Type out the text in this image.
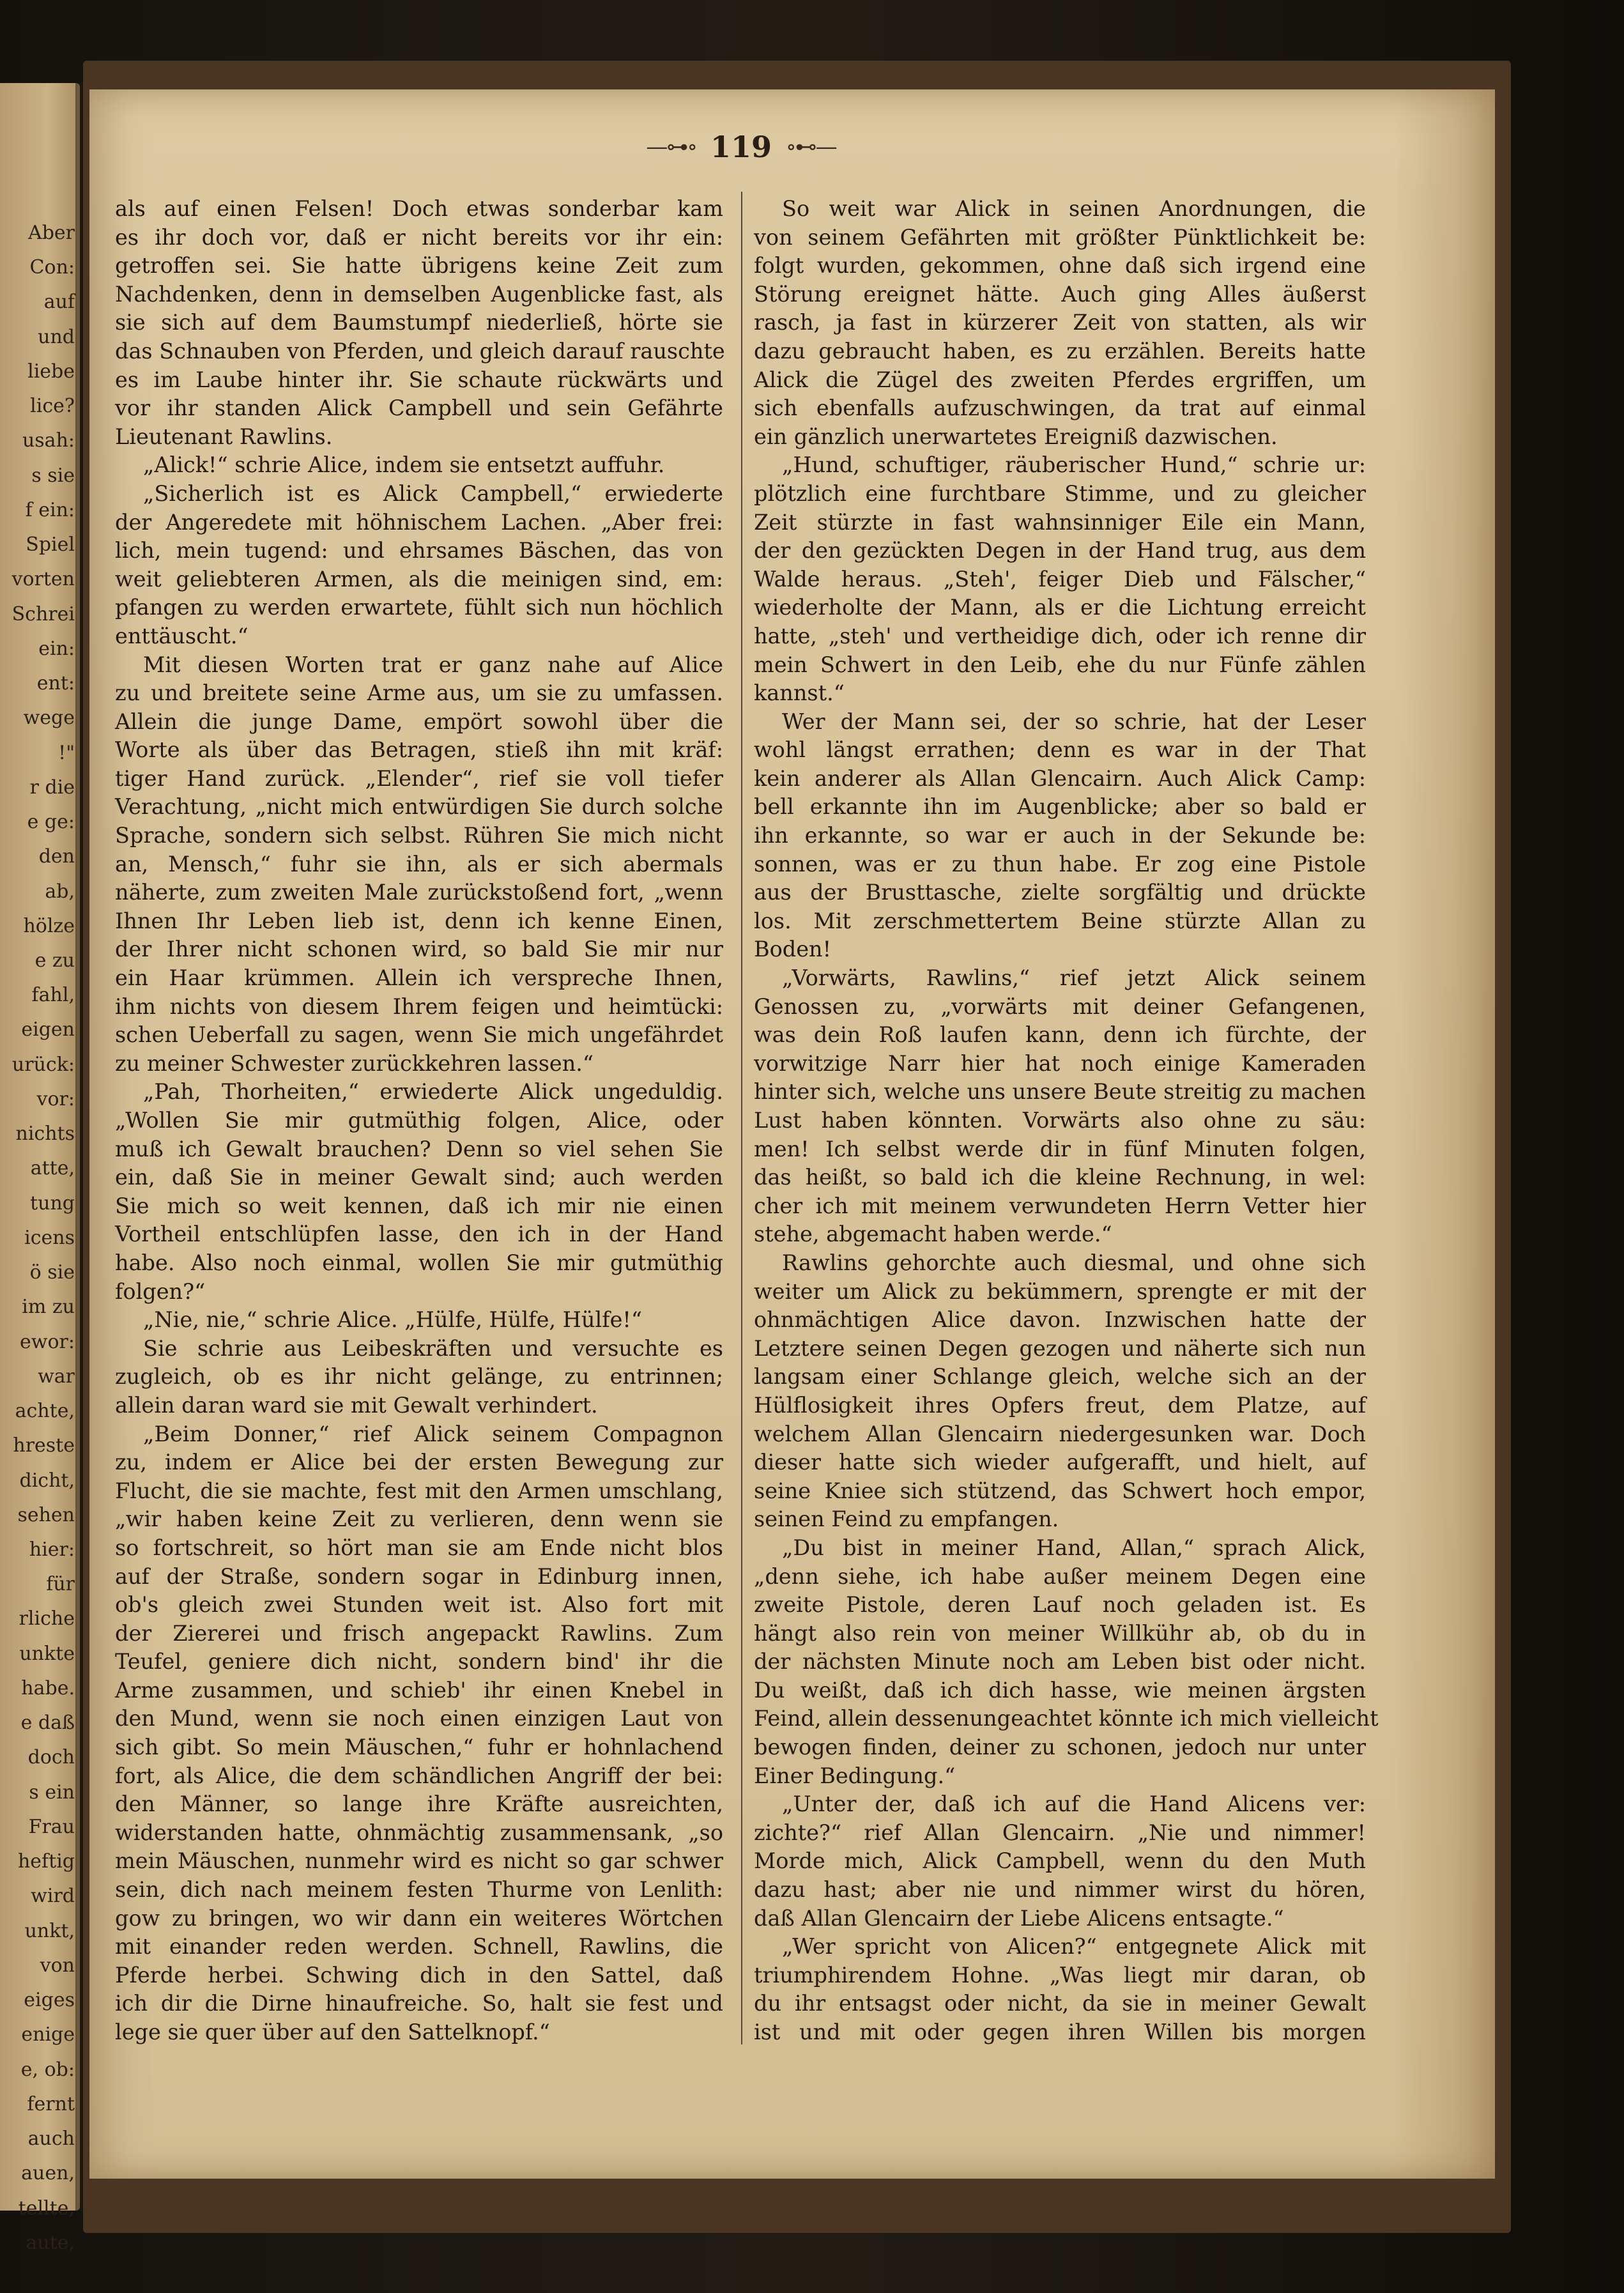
Aber
Con:
auf
und
liebe
lice?
usah:
s sie
f ein:
Spiel
vorten
Schrei
ein:
ent:
wege
!"
r die
e ge:
den
ab,
hölze
e zu
fahl,
eigen
urück:
vor:
nichts
atte,
tung
icens
ö sie
im zu
ewor:
war
achte,
hreste
dicht,
sehen
hier:
für
rliche
unkte
habe.
e daß
doch
s ein
Frau
heftig
wird
unkt,
von
eiges
enige
e, ob:
fernt
auch
auen,
tellte,
aute,
—⊶∘ 119 ∘⊷—
als auf einen Felsen! Doch etwas sonderbar kam
es ihr doch vor, daß er nicht bereits vor ihr ein:
getroffen sei. Sie hatte übrigens keine Zeit zum
Nachdenken, denn in demselben Augenblicke fast, als
sie sich auf dem Baumstumpf niederließ, hörte sie
das Schnauben von Pferden, und gleich darauf rauschte
es im Laube hinter ihr. Sie schaute rückwärts und
vor ihr standen Alick Campbell und sein Gefährte
Lieutenant Rawlins.
„Alick!“ schrie Alice, indem sie entsetzt auffuhr.
„Sicherlich ist es Alick Campbell,“ erwiederte
der Angeredete mit höhnischem Lachen. „Aber frei:
lich, mein tugend: und ehrsames Bäschen, das von
weit geliebteren Armen, als die meinigen sind, em:
pfangen zu werden erwartete, fühlt sich nun höchlich
enttäuscht.“
Mit diesen Worten trat er ganz nahe auf Alice
zu und breitete seine Arme aus, um sie zu umfassen.
Allein die junge Dame, empört sowohl über die
Worte als über das Betragen, stieß ihn mit kräf:
tiger Hand zurück. „Elender“, rief sie voll tiefer
Verachtung, „nicht mich entwürdigen Sie durch solche
Sprache, sondern sich selbst. Rühren Sie mich nicht
an, Mensch,“ fuhr sie ihn, als er sich abermals
näherte, zum zweiten Male zurückstoßend fort, „wenn
Ihnen Ihr Leben lieb ist, denn ich kenne Einen,
der Ihrer nicht schonen wird, so bald Sie mir nur
ein Haar krümmen. Allein ich verspreche Ihnen,
ihm nichts von diesem Ihrem feigen und heimtücki:
schen Ueberfall zu sagen, wenn Sie mich ungefährdet
zu meiner Schwester zurückkehren lassen.“
„Pah, Thorheiten,“ erwiederte Alick ungeduldig.
„Wollen Sie mir gutmüthig folgen, Alice, oder
muß ich Gewalt brauchen? Denn so viel sehen Sie
ein, daß Sie in meiner Gewalt sind; auch werden
Sie mich so weit kennen, daß ich mir nie einen
Vortheil entschlüpfen lasse, den ich in der Hand
habe. Also noch einmal, wollen Sie mir gutmüthig
folgen?“
„Nie, nie,“ schrie Alice. „Hülfe, Hülfe, Hülfe!“
Sie schrie aus Leibeskräften und versuchte es
zugleich, ob es ihr nicht gelänge, zu entrinnen;
allein daran ward sie mit Gewalt verhindert.
„Beim Donner,“ rief Alick seinem Compagnon
zu, indem er Alice bei der ersten Bewegung zur
Flucht, die sie machte, fest mit den Armen umschlang,
„wir haben keine Zeit zu verlieren, denn wenn sie
so fortschreit, so hört man sie am Ende nicht blos
auf der Straße, sondern sogar in Edinburg innen,
ob's gleich zwei Stunden weit ist. Also fort mit
der Ziererei und frisch angepackt Rawlins. Zum
Teufel, geniere dich nicht, sondern bind' ihr die
Arme zusammen, und schieb' ihr einen Knebel in
den Mund, wenn sie noch einen einzigen Laut von
sich gibt. So mein Mäuschen,“ fuhr er hohnlachend
fort, als Alice, die dem schändlichen Angriff der bei:
den Männer, so lange ihre Kräfte ausreichten,
widerstanden hatte, ohnmächtig zusammensank, „so
mein Mäuschen, nunmehr wird es nicht so gar schwer
sein, dich nach meinem festen Thurme von Lenlith:
gow zu bringen, wo wir dann ein weiteres Wörtchen
mit einander reden werden. Schnell, Rawlins, die
Pferde herbei. Schwing dich in den Sattel, daß
ich dir die Dirne hinaufreiche. So, halt sie fest und
lege sie quer über auf den Sattelknopf.“
So weit war Alick in seinen Anordnungen, die
von seinem Gefährten mit größter Pünktlichkeit be:
folgt wurden, gekommen, ohne daß sich irgend eine
Störung ereignet hätte. Auch ging Alles äußerst
rasch, ja fast in kürzerer Zeit von statten, als wir
dazu gebraucht haben, es zu erzählen. Bereits hatte
Alick die Zügel des zweiten Pferdes ergriffen, um
sich ebenfalls aufzuschwingen, da trat auf einmal
ein gänzlich unerwartetes Ereigniß dazwischen.
„Hund, schuftiger, räuberischer Hund,“ schrie ur:
plötzlich eine furchtbare Stimme, und zu gleicher
Zeit stürzte in fast wahnsinniger Eile ein Mann,
der den gezückten Degen in der Hand trug, aus dem
Walde heraus. „Steh', feiger Dieb und Fälscher,“
wiederholte der Mann, als er die Lichtung erreicht
hatte, „steh' und vertheidige dich, oder ich renne dir
mein Schwert in den Leib, ehe du nur Fünfe zählen
kannst.“
Wer der Mann sei, der so schrie, hat der Leser
wohl längst errathen; denn es war in der That
kein anderer als Allan Glencairn. Auch Alick Camp:
bell erkannte ihn im Augenblicke; aber so bald er
ihn erkannte, so war er auch in der Sekunde be:
sonnen, was er zu thun habe. Er zog eine Pistole
aus der Brusttasche, zielte sorgfältig und drückte
los. Mit zerschmettertem Beine stürzte Allan zu
Boden!
„Vorwärts, Rawlins,“ rief jetzt Alick seinem
Genossen zu, „vorwärts mit deiner Gefangenen,
was dein Roß laufen kann, denn ich fürchte, der
vorwitzige Narr hier hat noch einige Kameraden
hinter sich, welche uns unsere Beute streitig zu machen
Lust haben könnten. Vorwärts also ohne zu säu:
men! Ich selbst werde dir in fünf Minuten folgen,
das heißt, so bald ich die kleine Rechnung, in wel:
cher ich mit meinem verwundeten Herrn Vetter hier
stehe, abgemacht haben werde.“
Rawlins gehorchte auch diesmal, und ohne sich
weiter um Alick zu bekümmern, sprengte er mit der
ohnmächtigen Alice davon. Inzwischen hatte der
Letztere seinen Degen gezogen und näherte sich nun
langsam einer Schlange gleich, welche sich an der
Hülflosigkeit ihres Opfers freut, dem Platze, auf
welchem Allan Glencairn niedergesunken war. Doch
dieser hatte sich wieder aufgerafft, und hielt, auf
seine Kniee sich stützend, das Schwert hoch empor,
seinen Feind zu empfangen.
„Du bist in meiner Hand, Allan,“ sprach Alick,
„denn siehe, ich habe außer meinem Degen eine
zweite Pistole, deren Lauf noch geladen ist. Es
hängt also rein von meiner Willkühr ab, ob du in
der nächsten Minute noch am Leben bist oder nicht.
Du weißt, daß ich dich hasse, wie meinen ärgsten
Feind, allein dessenungeachtet könnte ich mich vielleicht
bewogen finden, deiner zu schonen, jedoch nur unter
Einer Bedingung.“
„Unter der, daß ich auf die Hand Alicens ver:
zichte?“ rief Allan Glencairn. „Nie und nimmer!
Morde mich, Alick Campbell, wenn du den Muth
dazu hast; aber nie und nimmer wirst du hören,
daß Allan Glencairn der Liebe Alicens entsagte.“
„Wer spricht von Alicen?“ entgegnete Alick mit
triumphirendem Hohne. „Was liegt mir daran, ob
du ihr entsagst oder nicht, da sie in meiner Gewalt
ist und mit oder gegen ihren Willen bis morgen
